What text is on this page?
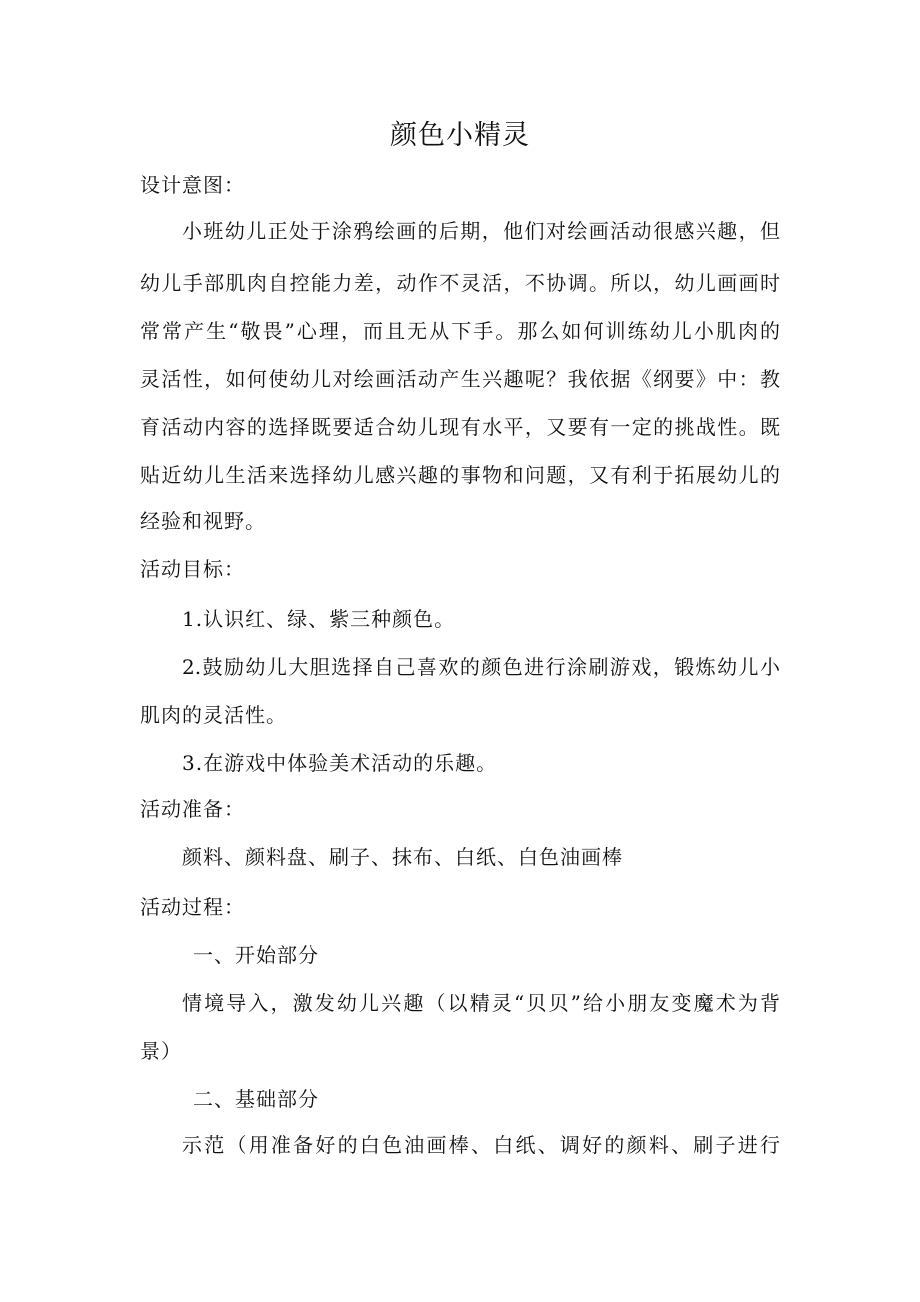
颜色小精灵
设计意图：
小班幼儿正处于涂鸦绘画的后期，他们对绘画活动很感兴趣，但
幼儿手部肌肉自控能力差，动作不灵活，不协调。所以，幼儿画画时
常常产生“敬畏”心理，而且无从下手。那么如何训练幼儿小肌肉的
灵活性，如何使幼儿对绘画活动产生兴趣呢？我依据《纲要》中：教
育活动内容的选择既要适合幼儿现有水平，又要有一定的挑战性。既
贴近幼儿生活来选择幼儿感兴趣的事物和问题，又有利于拓展幼儿的
经验和视野。
活动目标：
1.认识红、绿、紫三种颜色。
2.鼓励幼儿大胆选择自己喜欢的颜色进行涂刷游戏，锻炼幼儿小
肌肉的灵活性。
3.在游戏中体验美术活动的乐趣。
活动准备：
颜料、颜料盘、刷子、抹布、白纸、白色油画棒
活动过程：
一、开始部分
情境导入，激发幼儿兴趣（以精灵“贝贝”给小朋友变魔术为背
景）
二、基础部分
示范（用准备好的白色油画棒、白纸、调好的颜料、刷子进行
